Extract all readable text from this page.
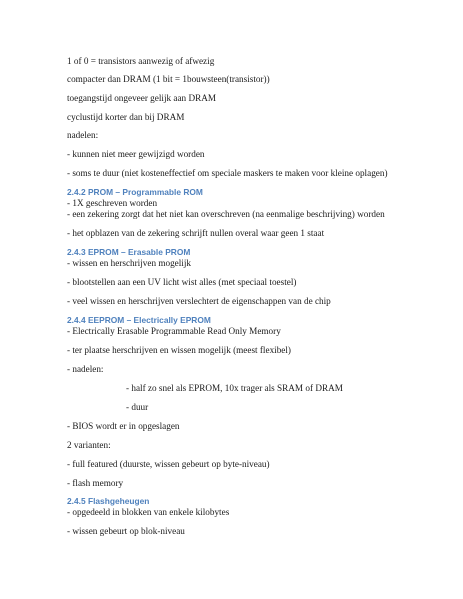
1 of 0 = transistors aanwezig of afwezig
compacter dan DRAM (1 bit = 1bouwsteen(transistor))
toegangstijd ongeveer gelijk aan DRAM
cyclustijd korter dan bij DRAM
nadelen:
- kunnen niet meer gewijzigd worden
- soms te duur (niet kosteneffectief om speciale maskers te maken voor kleine oplagen)
2.4.2 PROM – Programmable ROM
- 1X geschreven worden
- een zekering zorgt dat het niet kan overschreven (na eenmalige beschrijving) worden
- het opblazen van de zekering schrijft nullen overal waar geen 1 staat
2.4.3 EPROM – Erasable PROM
- wissen en herschrijven mogelijk
- blootstellen aan een UV licht wist alles (met speciaal toestel)
- veel wissen en herschrijven verslechtert de eigenschappen van de chip
2.4.4 EEPROM – Electrically EPROM
- Electrically Erasable Programmable Read Only Memory
- ter plaatse herschrijven en wissen mogelijk (meest flexibel)
- nadelen:
- half zo snel als EPROM, 10x trager als SRAM of DRAM
- duur
- BIOS wordt er in opgeslagen
2 varianten:
- full featured (duurste, wissen gebeurt op byte-niveau)
- flash memory
2.4.5 Flashgeheugen
- opgedeeld in blokken van enkele kilobytes
- wissen gebeurt op blok-niveau
